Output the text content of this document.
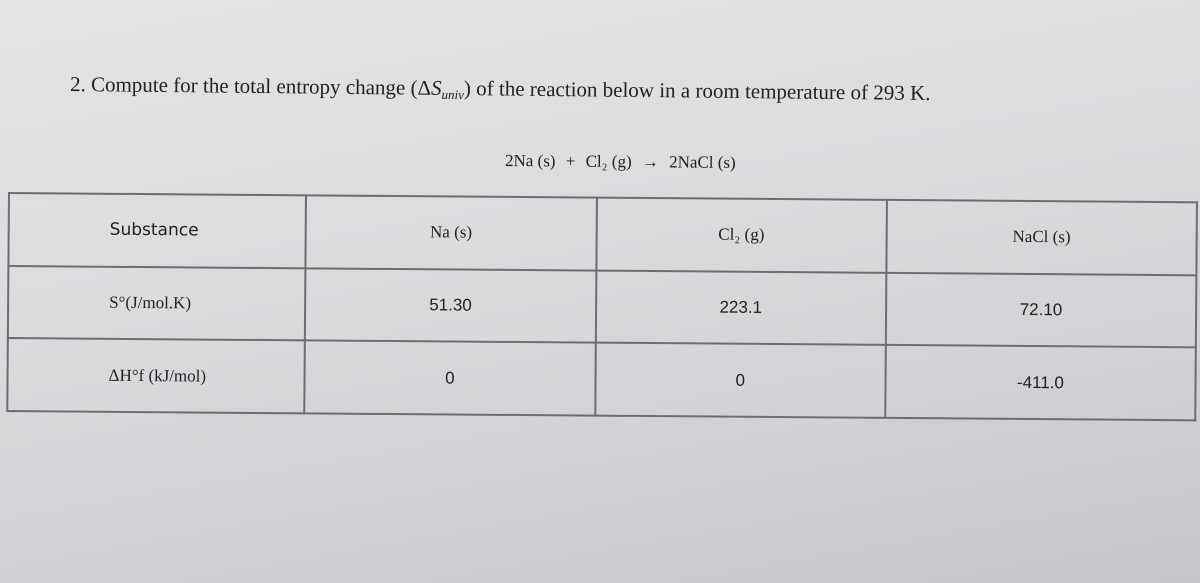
2. Compute for the total entropy change $(\Delta S_{univ})$ of the reaction below in a room temperature of 293 K.
2Na (s) + Cl₂ (g) → 2NaCl (s)
Substance	Na (s)	Cl₂ (g)	NaCl (s)
S°(J/mol.K)	51.30	223.1	72.10
ΔH°f (kJ/mol)	0	0	-411.0
